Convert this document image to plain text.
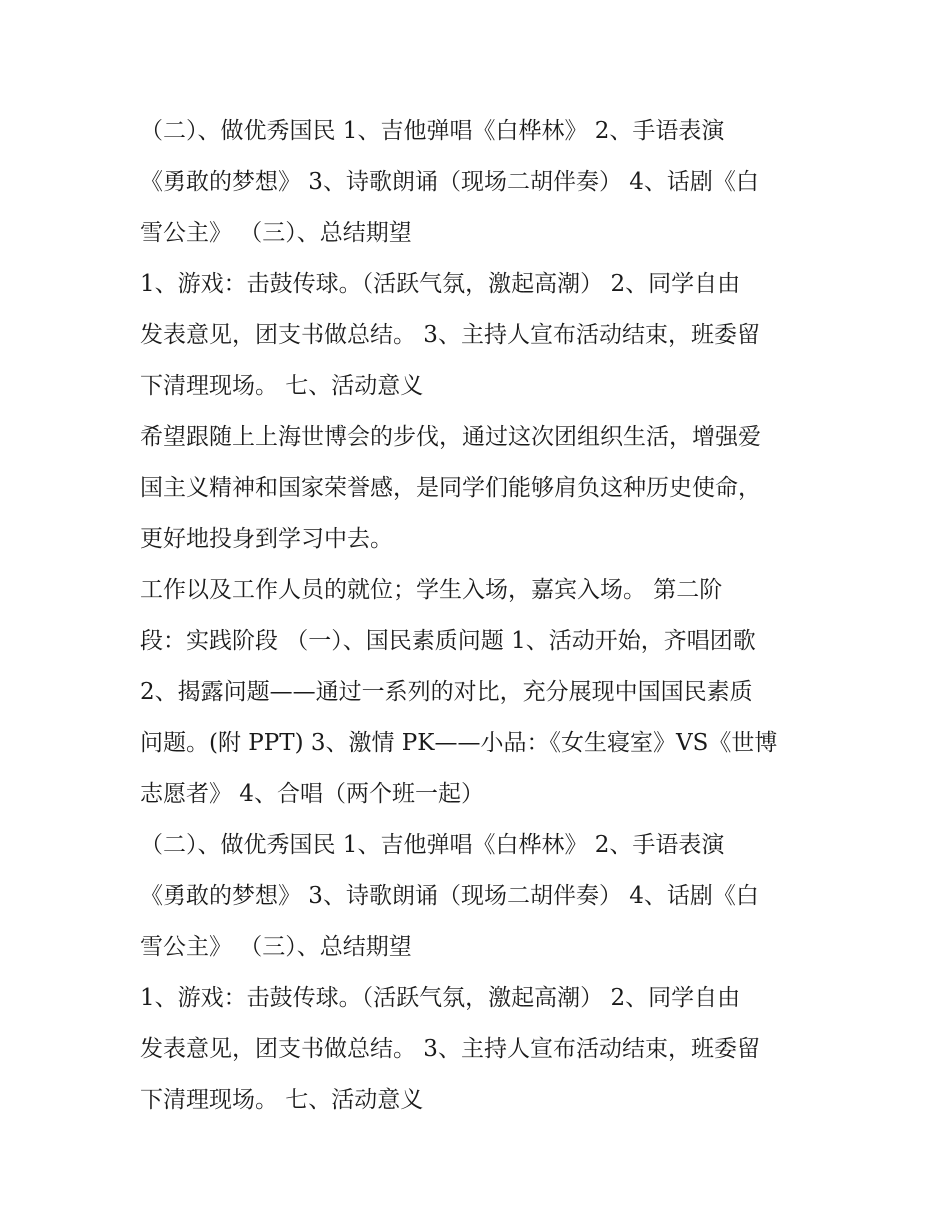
（二）、做优秀国民 1、吉他弹唱《白桦林》 2、手语表演
《勇敢的梦想》 3、诗歌朗诵（现场二胡伴奏） 4、话剧《白
雪公主》 （三）、总结期望
1、游戏：击鼓传球。（活跃气氛，激起高潮） 2、同学自由
发表意见，团支书做总结。 3、主持人宣布活动结束，班委留
下清理现场。 七、活动意义
希望跟随上上海世博会的步伐，通过这次团组织生活，增强爱
国主义精神和国家荣誉感，是同学们能够肩负这种历史使命，
更好地投身到学习中去。
工作以及工作人员的就位；学生入场，嘉宾入场。 第二阶
段：实践阶段 （一）、国民素质问题 1、活动开始，齐唱团歌
2、揭露问题——通过一系列的对比，充分展现中国国民素质
问题。(附 PPT) 3、激情 PK——小品：《女生寝室》VS《世博
志愿者》 4、合唱（两个班一起）
（二）、做优秀国民 1、吉他弹唱《白桦林》 2、手语表演
《勇敢的梦想》 3、诗歌朗诵（现场二胡伴奏） 4、话剧《白
雪公主》 （三）、总结期望
1、游戏：击鼓传球。（活跃气氛，激起高潮） 2、同学自由
发表意见，团支书做总结。 3、主持人宣布活动结束，班委留
下清理现场。 七、活动意义
